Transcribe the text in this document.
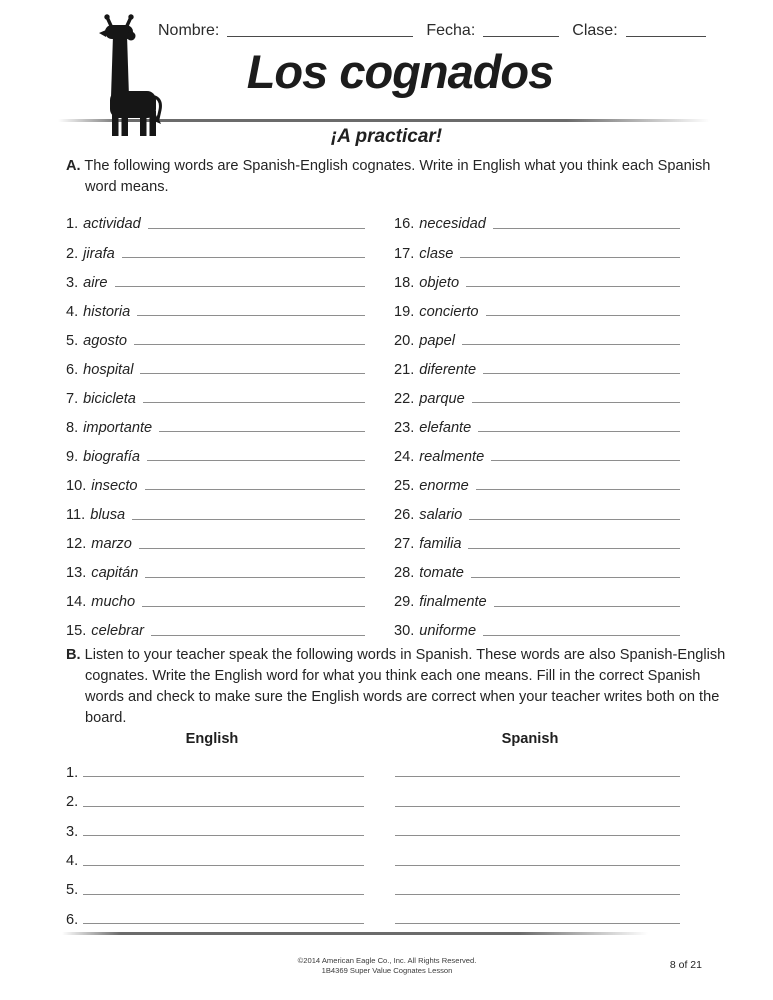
Nombre:	Fecha:	Clase:
Los cognados
¡A practicar!
A. The following words are Spanish-English cognates. Write in English what you think each Spanish word means.
1. actividad
2. jirafa
3. aire
4. historia
5. agosto
6. hospital
7. bicicleta
8. importante
9. biografía
10. insecto
11. blusa
12. marzo
13. capitán
14. mucho
15. celebrar
16. necesidad
17. clase
18. objeto
19. concierto
20. papel
21. diferente
22. parque
23. elefante
24. realmente
25. enorme
26. salario
27. familia
28. tomate
29. finalmente
30. uniforme
B. Listen to your teacher speak the following words in Spanish. These words are also Spanish-English cognates. Write the English word for what you think each one means. Fill in the correct Spanish words and check to make sure the English words are correct when your teacher writes both on the board.
English	Spanish
1.
2.
3.
4.
5.
6.
©2014 American Eagle Co., Inc. All Rights Reserved.
1B4369 Super Value Cognates Lesson	8 of 21
